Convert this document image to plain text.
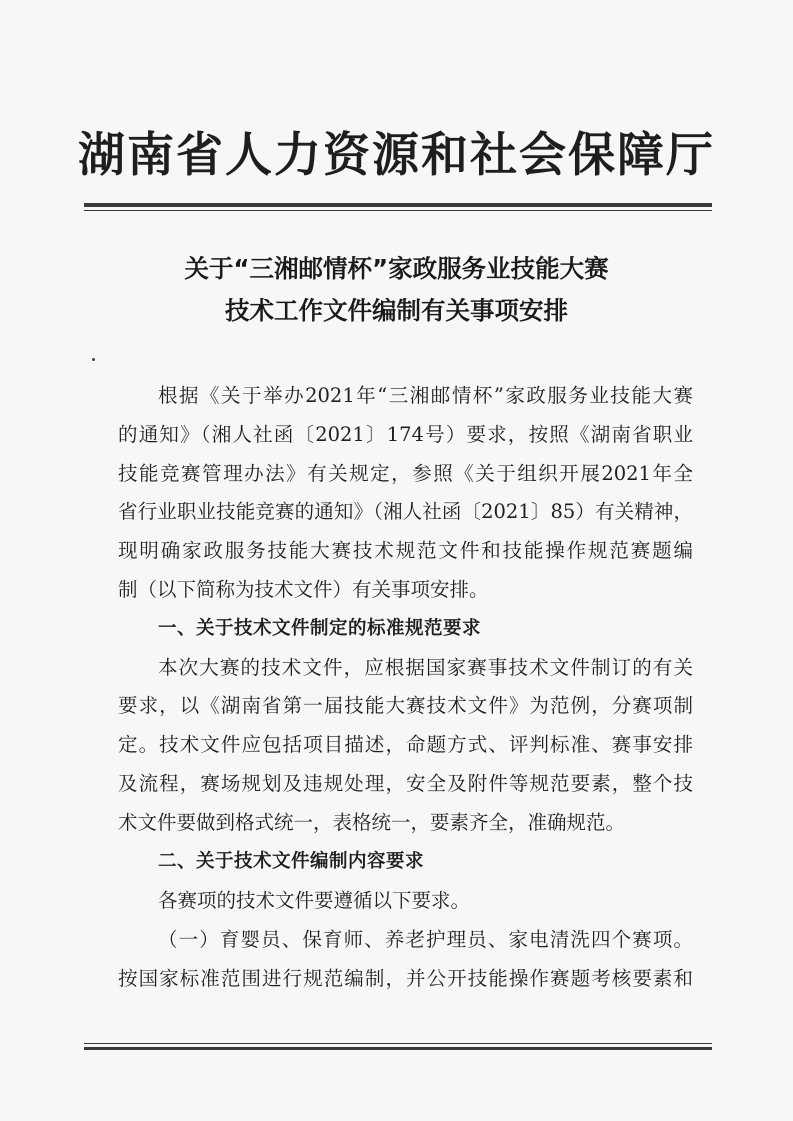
湖南省人力资源和社会保障厅
关于“三湘邮情杯”家政服务业技能大赛
技术工作文件编制有关事项安排
根据《关于举办2021年“三湘邮情杯”家政服务业技能大赛
的通知》（湘人社函〔2021〕174号）要求，按照《湖南省职业
技能竞赛管理办法》有关规定，参照《关于组织开展2021年全
省行业职业技能竞赛的通知》（湘人社函〔2021〕85）有关精神，
现明确家政服务技能大赛技术规范文件和技能操作规范赛题编
制（以下简称为技术文件）有关事项安排。
一、关于技术文件制定的标准规范要求
本次大赛的技术文件，应根据国家赛事技术文件制订的有关
要求，以《湖南省第一届技能大赛技术文件》为范例，分赛项制
定。技术文件应包括项目描述，命题方式、评判标准、赛事安排
及流程，赛场规划及违规处理，安全及附件等规范要素，整个技
术文件要做到格式统一，表格统一，要素齐全，准确规范。
二、关于技术文件编制内容要求
各赛项的技术文件要遵循以下要求。
（一）育婴员、保育师、养老护理员、家电清洗四个赛项。
按国家标准范围进行规范编制，并公开技能操作赛题考核要素和
